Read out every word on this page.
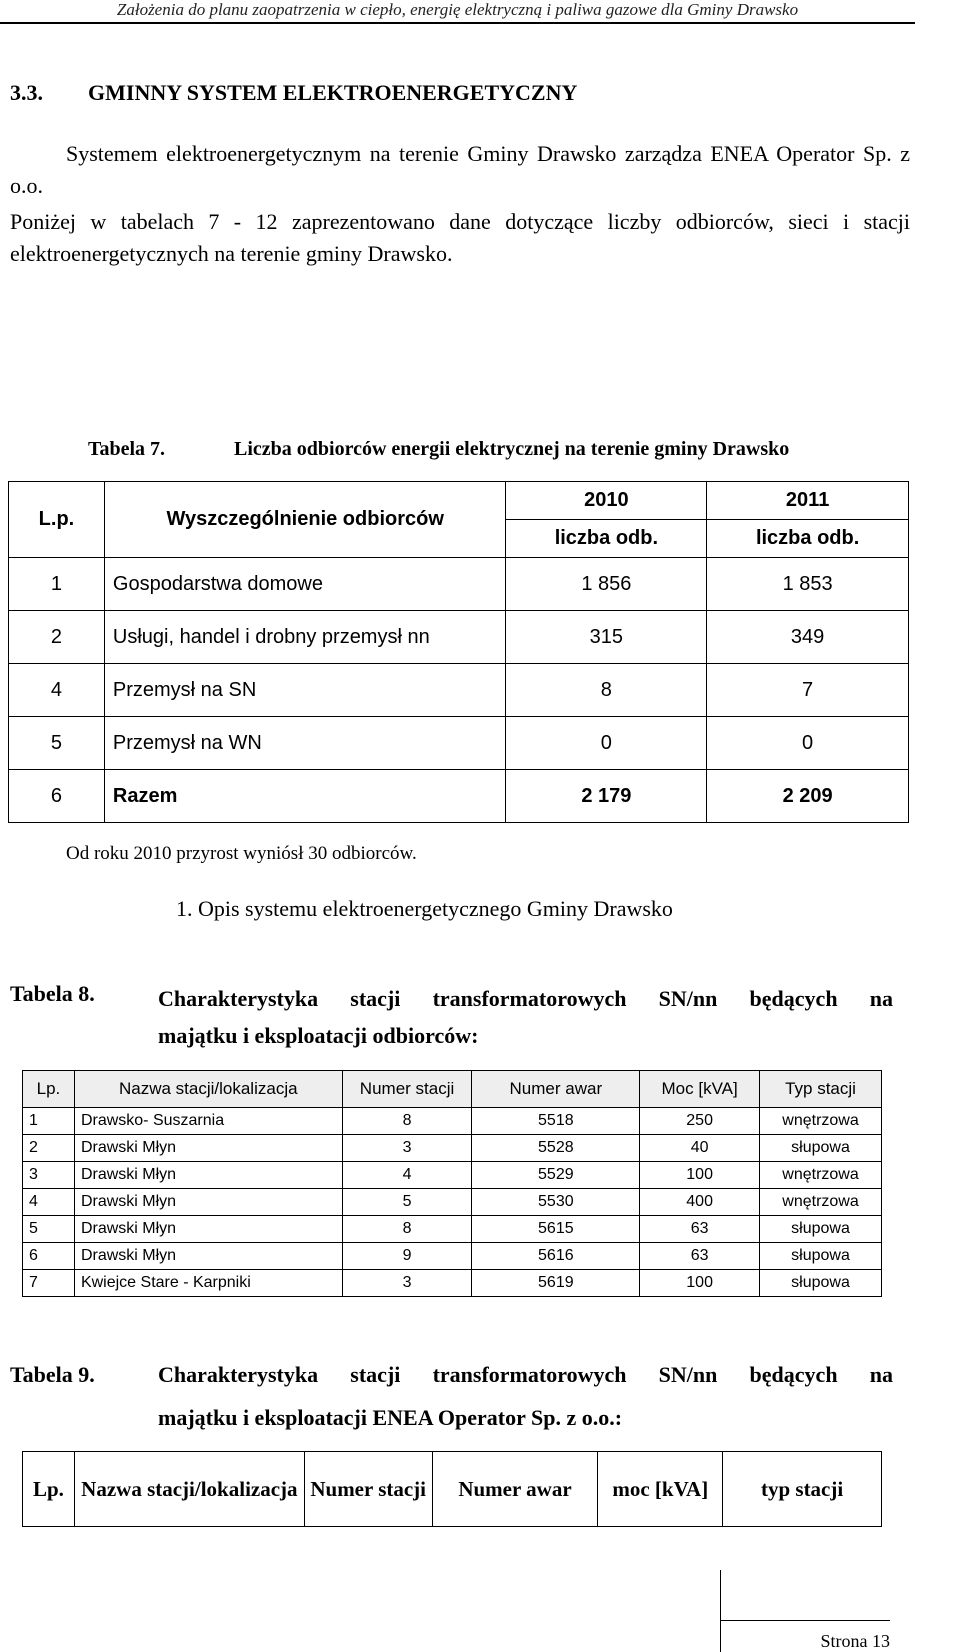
Założenia do planu zaopatrzenia w ciepło, energię elektryczną i paliwa gazowe dla Gminy Drawsko
3.3. GMINNY SYSTEM ELEKTROENERGETYCZNY
Systemem elektroenergetycznym na terenie Gminy Drawsko zarządza ENEA Operator Sp. z o.o.
Poniżej w tabelach 7 - 12 zaprezentowano dane dotyczące liczby odbiorców, sieci i stacji elektroenergetycznych na terenie gminy Drawsko.
Tabela 7.	Liczba odbiorców energii elektrycznej na terenie gminy Drawsko
L.p.	Wyszczególnienie odbiorców	2010	2011
		liczba odb.	liczba odb.
1	Gospodarstwa domowe	1 856	1 853
2	Usługi, handel i drobny przemysł nn	315	349
4	Przemysł na SN	8	7
5	Przemysł na WN	0	0
6	Razem	2 179	2 209
Od roku 2010 przyrost wyniósł 30 odbiorców.
1. Opis systemu elektroenergetycznego Gminy Drawsko
Tabela 8.	Charakterystyka stacji transformatorowych SN/nn będących na
majątku i eksploatacji odbiorców:
Lp.	Nazwa stacji/lokalizacja	Numer stacji	Numer awar	Moc [kVA]	Typ stacji
1	Drawsko- Suszarnia	8	5518	250	wnętrzowa
2	Drawski Młyn	3	5528	40	słupowa
3	Drawski Młyn	4	5529	100	wnętrzowa
4	Drawski Młyn	5	5530	400	wnętrzowa
5	Drawski Młyn	8	5615	63	słupowa
6	Drawski Młyn	9	5616	63	słupowa
7	Kwiejce Stare - Karpniki	3	5619	100	słupowa
Tabela 9.	Charakterystyka stacji transformatorowych SN/nn będących na
majątku i eksploatacji ENEA Operator Sp. z o.o.:
Lp.	Nazwa stacji/lokalizacja	Numer stacji	Numer awar	moc [kVA]	typ stacji
Strona 13
